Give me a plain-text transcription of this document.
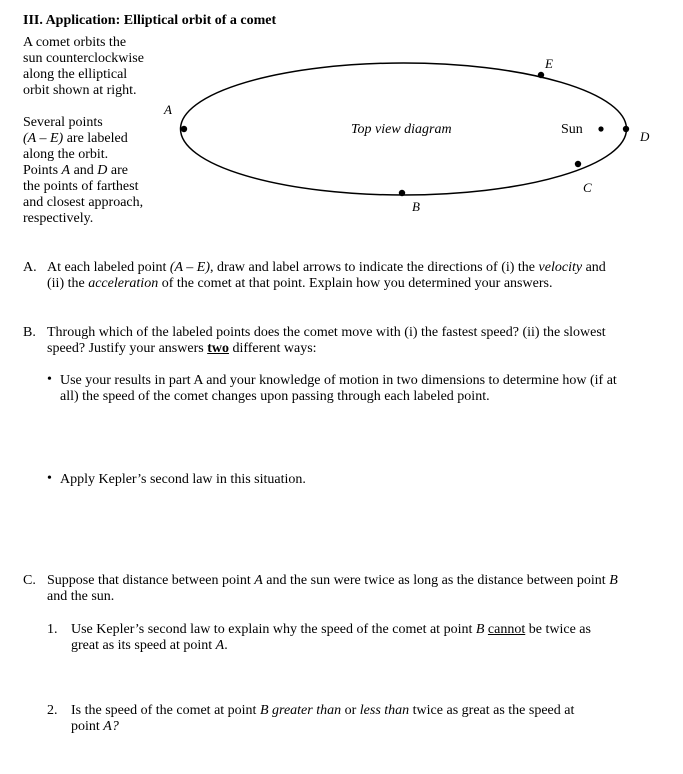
III. Application: Elliptical orbit of a comet
A comet orbits the
sun counterclockwise
along the elliptical
orbit shown at right.
Several points
(A – E) are labeled
along the orbit.
Points A and D are
the points of farthest
and closest approach,
respectively.
A
B
C
D
E
Sun
Top view diagram
A. At each labeled point (A – E), draw and label arrows to indicate the directions of (i) the velocity and
(ii) the acceleration of the comet at that point. Explain how you determined your answers.
B. Through which of the labeled points does the comet move with (i) the fastest speed? (ii) the slowest
speed? Justify your answers two different ways:
• Use your results in part A and your knowledge of motion in two dimensions to determine how (if at
all) the speed of the comet changes upon passing through each labeled point.
• Apply Kepler’s second law in this situation.
C. Suppose that distance between point A and the sun were twice as long as the distance between point B
and the sun.
1. Use Kepler’s second law to explain why the speed of the comet at point B cannot be twice as
great as its speed at point A.
2. Is the speed of the comet at point B greater than or less than twice as great as the speed at
point A?
